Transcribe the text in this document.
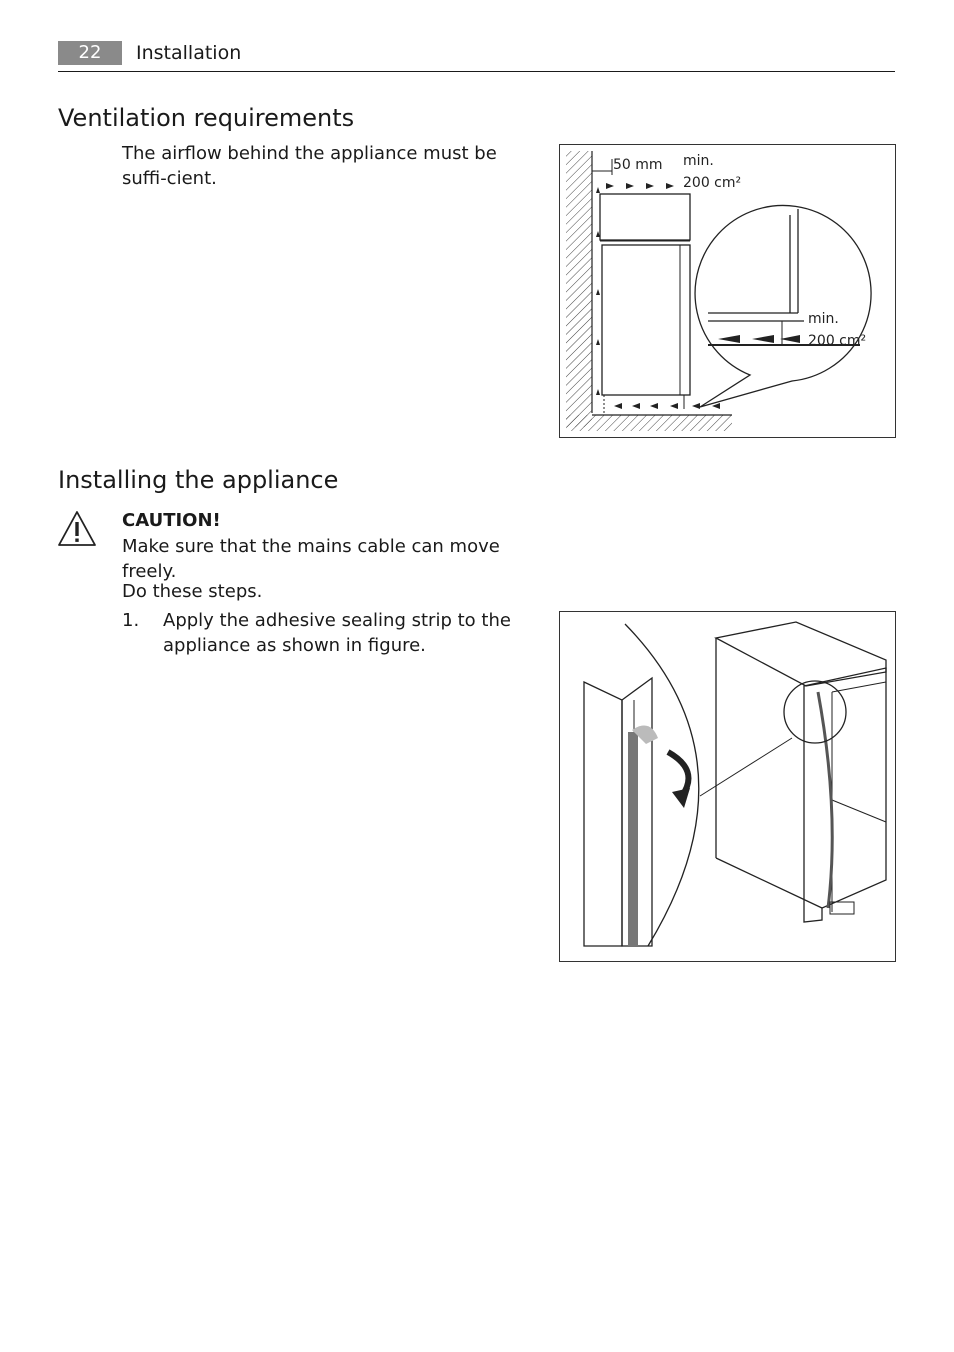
22	Installation
Ventilation requirements
The airflow behind the appliance must be suffi-cient.
50 mm min.
200 cm²
min.
200 cm²
Installing the appliance
CAUTION!
Make sure that the mains cable can move freely.
Do these steps.
1. Apply the adhesive sealing strip to the appliance as shown in figure.
